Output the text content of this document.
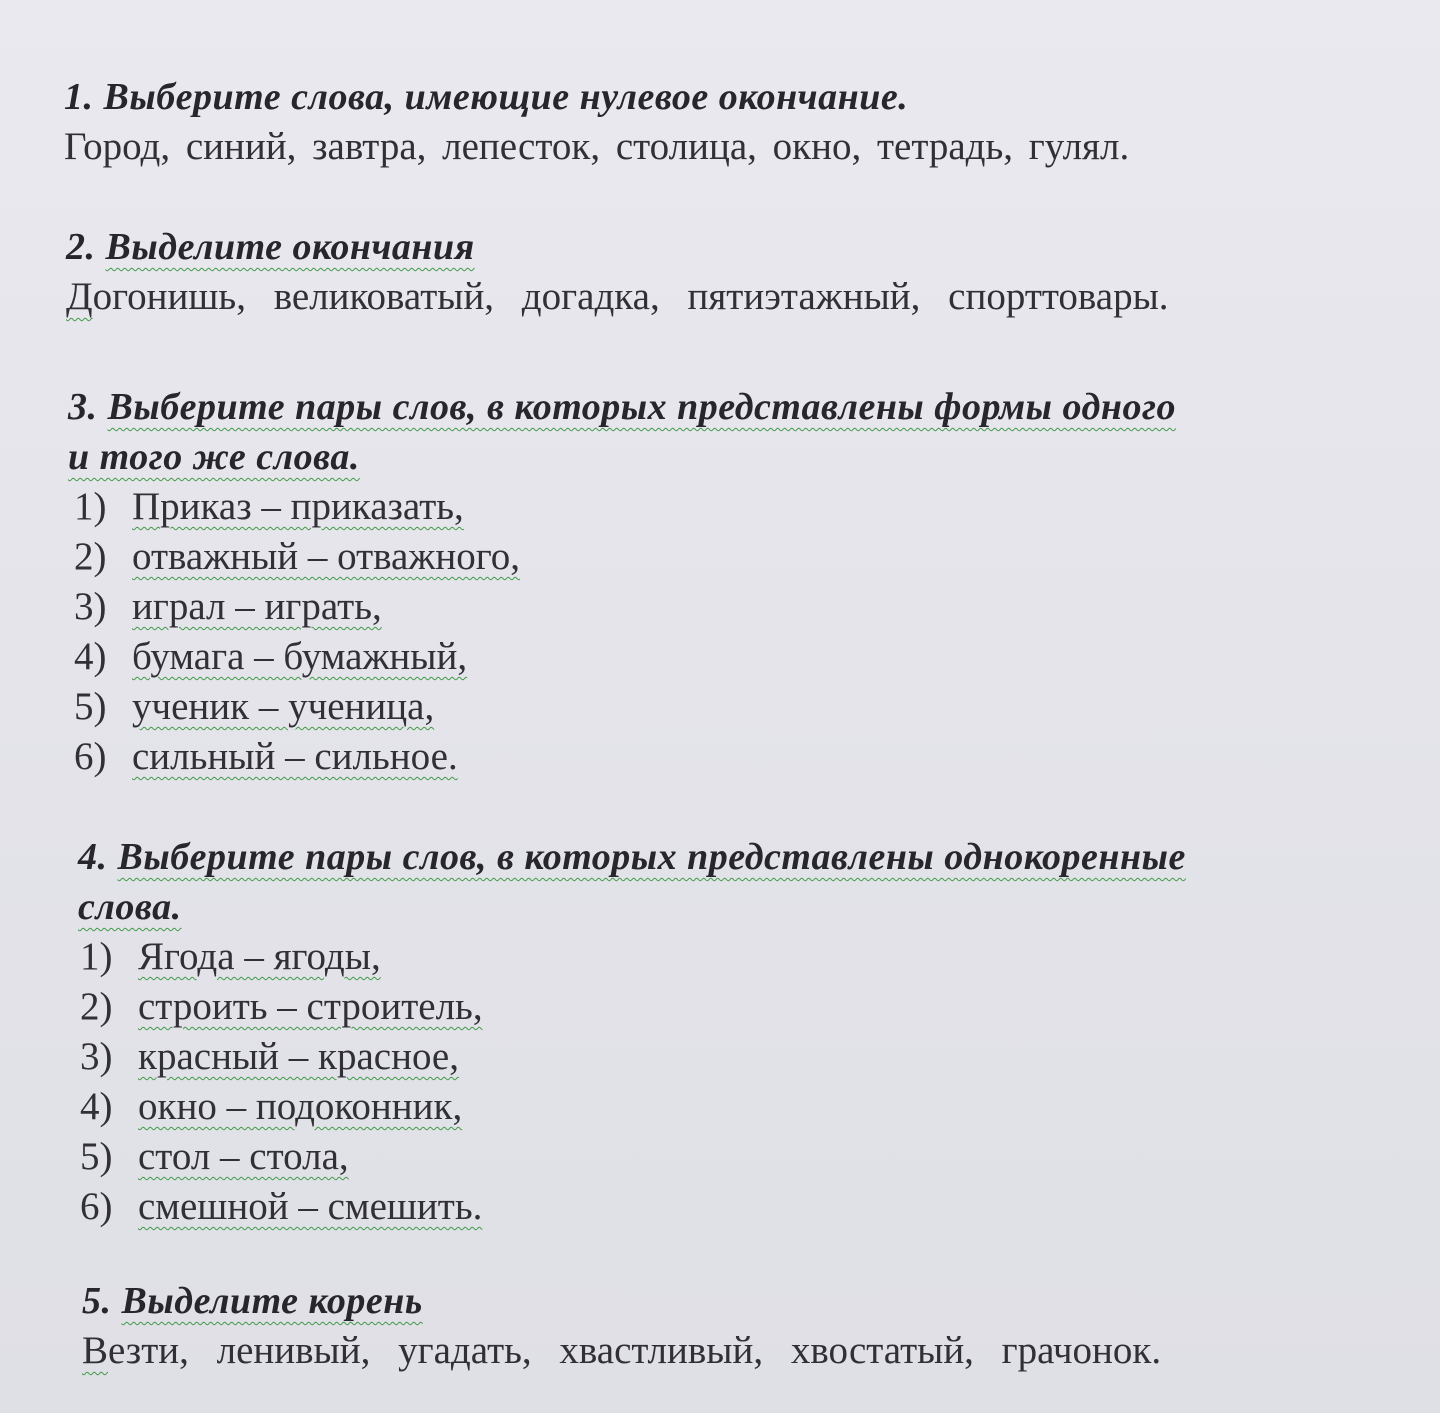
1. Выберите слова, имеющие нулевое окончание.
Город, синий, завтра, лепесток, столица, окно, тетрадь, гулял.
2. Выделите окончания
Догонишь, великоватый, догадка, пятиэтажный, спорттовары.
3. Выберите пары слов, в которых представлены формы одного
и того же слова.
1) Приказ – приказать,
2) отважный – отважного,
3) играл – играть,
4) бумага – бумажный,
5) ученик – ученица,
6) сильный – сильное.
4. Выберите пары слов, в которых представлены однокоренные
слова.
1) Ягода – ягоды,
2) строить – строитель,
3) красный – красное,
4) окно – подоконник,
5) стол – стола,
6) смешной – смешить.
5. Выделите корень
Везти, ленивый, угадать, хвастливый, хвостатый, грачонок.
